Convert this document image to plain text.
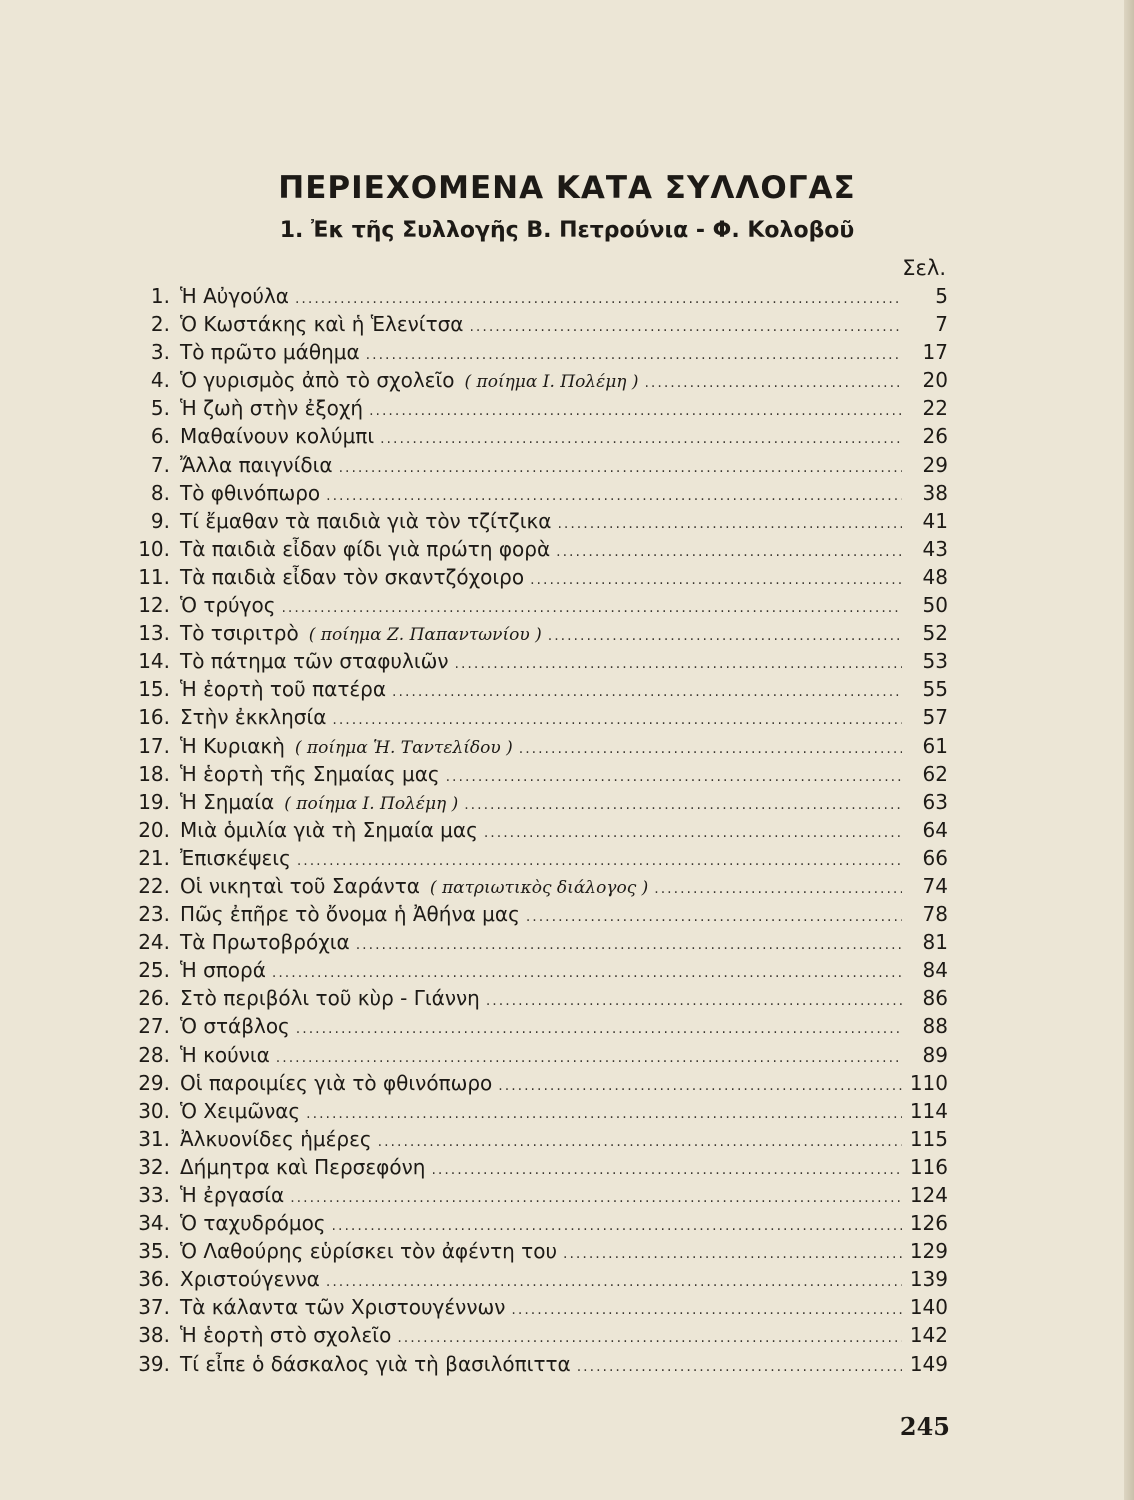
ΠΕΡΙΕΧΟΜΕΝΑ ΚΑΤΑ ΣΥΛΛΟΓΑΣ
1. Ἐκ τῆς Συλλογῆς Β. Πετρούνια - Φ. Κολοβοῦ
Σελ.
1. Ἡ Αὐγούλα .....	5
2. Ὁ Κωστάκης καὶ ἡ Ἑλενίτσα .....	7
3. Τὸ πρῶτο μάθημα .....	17
4. Ὁ γυρισμὸς ἀπὸ τὸ σχολεῖο ( ποίημα Ι. Πολέμη ) .....	20
5. Ἡ ζωὴ στὴν ἐξοχή .....	22
6. Μαθαίνουν κολύμπι .....	26
7. Ἄλλα παιγνίδια .....	29
8. Τὸ φθινόπωρο .....	38
9. Τί ἔμαθαν τὰ παιδιὰ γιὰ τὸν τζίτζικα .....	41
10. Τὰ παιδιὰ εἶδαν φίδι γιὰ πρώτη φορὰ .....	43
11. Τὰ παιδιὰ εἶδαν τὸν σκαντζόχοιρο .....	48
12. Ὁ τρύγος .....	50
13. Τὸ τσιριτρὸ ( ποίημα Ζ. Παπαντωνίου ) .....	52
14. Τὸ πάτημα τῶν σταφυλιῶν .....	53
15. Ἡ ἑορτὴ τοῦ πατέρα .....	55
16. Στὴν ἐκκλησία .....	57
17. Ἡ Κυριακὴ ( ποίημα Ἡ. Ταντελίδου ) .....	61
18. Ἡ ἑορτὴ τῆς Σημαίας μας .....	62
19. Ἡ Σημαία ( ποίημα Ι. Πολέμη ) .....	63
20. Μιὰ ὁμιλία γιὰ τὴ Σημαία μας .....	64
21. Ἐπισκέψεις .....	66
22. Οἱ νικηταὶ τοῦ Σαράντα ( πατριωτικὸς διάλογος ) .....	74
23. Πῶς ἐπῆρε τὸ ὄνομα ἡ Ἀθήνα μας .....	78
24. Τὰ Πρωτοβρόχια .....	81
25. Ἡ σπορά .....	84
26. Στὸ περιβόλι τοῦ κὺρ - Γιάννη .....	86
27. Ὁ στάβλος .....	88
28. Ἡ κούνια .....	89
29. Οἱ παροιμίες γιὰ τὸ φθινόπωρο .....	110
30. Ὁ Χειμῶνας .....	114
31. Ἀλκυονίδες ἡμέρες .....	115
32. Δήμητρα καὶ Περσεφόνη .....	116
33. Ἡ ἐργασία .....	124
34. Ὁ ταχυδρόμος .....	126
35. Ὁ Λαθούρης εὑρίσκει τὸν ἀφέντη του .....	129
36. Χριστούγεννα .....	139
37. Τὰ κάλαντα τῶν Χριστουγέννων .....	140
38. Ἡ ἑορτὴ στὸ σχολεῖο .....	142
39. Τί εἶπε ὁ δάσκαλος γιὰ τὴ βασιλόπιττα .....	149
245
